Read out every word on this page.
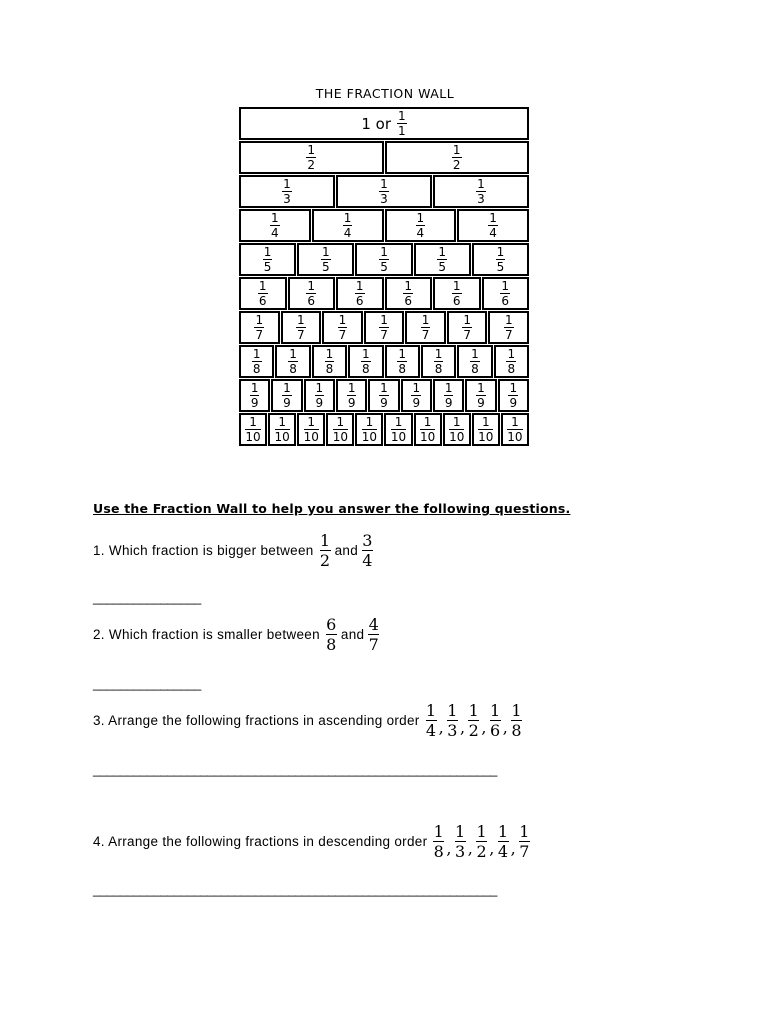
THE FRACTION WALL
1 or $\frac{1}{1}$
$\frac{1}{2}$	$\frac{1}{2}$
$\frac{1}{3}$	$\frac{1}{3}$	$\frac{1}{3}$
$\frac{1}{4}$	$\frac{1}{4}$	$\frac{1}{4}$	$\frac{1}{4}$
$\frac{1}{5}$	$\frac{1}{5}$	$\frac{1}{5}$	$\frac{1}{5}$	$\frac{1}{5}$
$\frac{1}{6}$	$\frac{1}{6}$	$\frac{1}{6}$	$\frac{1}{6}$	$\frac{1}{6}$	$\frac{1}{6}$
$\frac{1}{7}$	$\frac{1}{7}$	$\frac{1}{7}$	$\frac{1}{7}$	$\frac{1}{7}$	$\frac{1}{7}$	$\frac{1}{7}$
$\frac{1}{8} \frac{1}{8} \frac{1}{8} \frac{1}{8} \frac{1}{8} \frac{1}{8} \frac{1}{8} \frac{1}{8}$
$\frac{1}{9} \frac{1}{9} \frac{1}{9} \frac{1}{9} \frac{1}{9} \frac{1}{9} \frac{1}{9} \frac{1}{9} \frac{1}{9}$
$\frac{1}{10} \frac{1}{10} \frac{1}{10} \frac{1}{10} \frac{1}{10} \frac{1}{10} \frac{1}{10} \frac{1}{10} \frac{1}{10} \frac{1}{10}$
Use the Fraction Wall to help you answer the following questions.
1. Which fraction is bigger between
1
2
and
3
4
________________
2. Which fraction is smaller between
6
8
and
4
7
________________
3. Arrange the following fractions in ascending order
1
4 ,
1
3 ,
1
2 ,
1
6 ,
1
8
____________________________________________________________
4. Arrange the following fractions in descending order
1
8 ,
1
3 ,
1
2 ,
1
4 ,
1
7
____________________________________________________________
